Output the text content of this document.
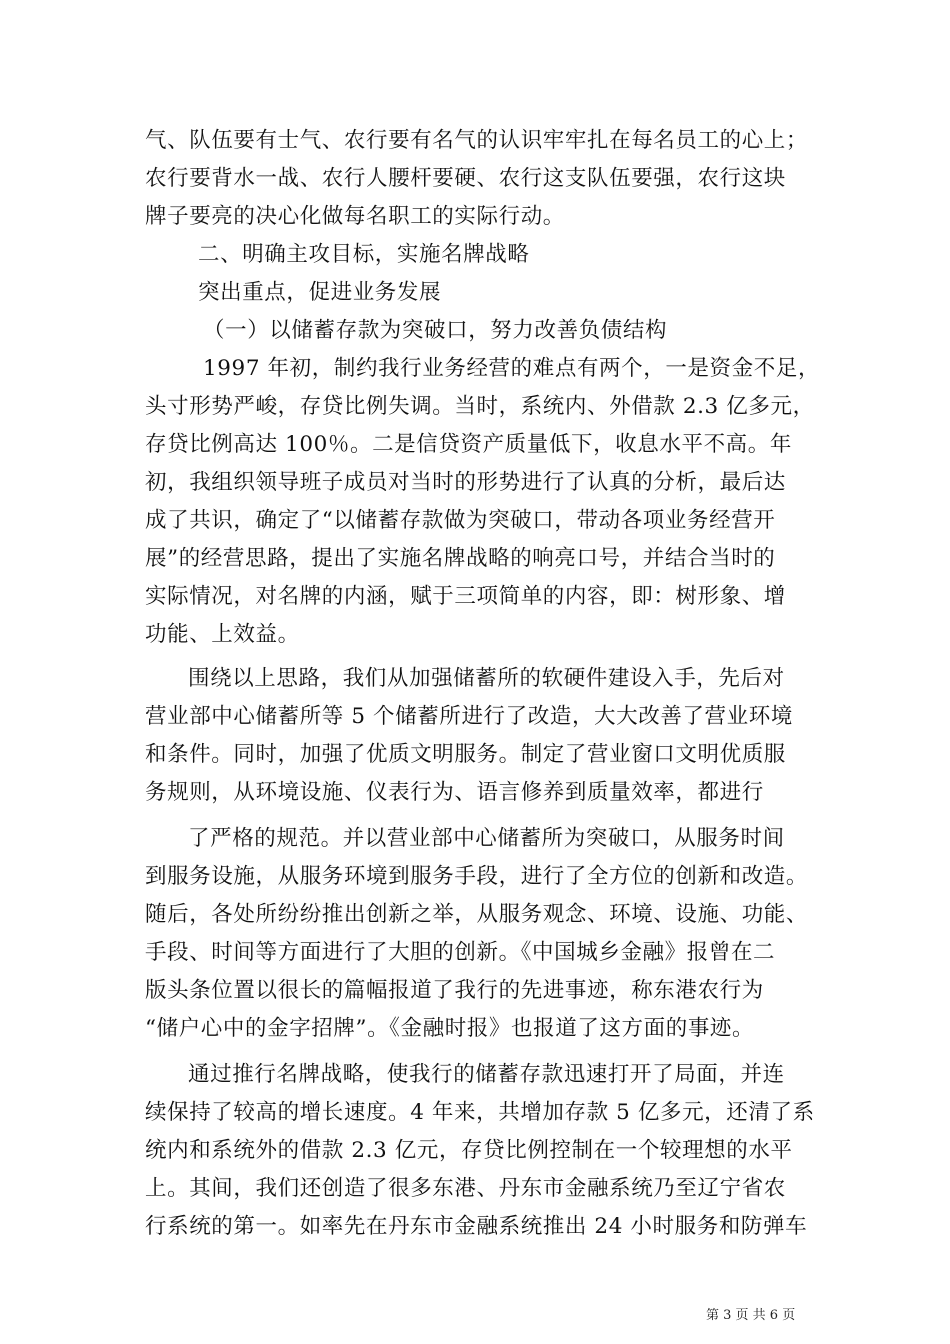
气、队伍要有士气、农行要有名气的认识牢牢扎在每名员工的心上；
农行要背水一战、农行人腰杆要硬、农行这支队伍要强，农行这块
牌子要亮的决心化做每名职工的实际行动。
二、明确主攻目标，实施名牌战略
突出重点，促进业务发展
（一）以储蓄存款为突破口，努力改善负债结构
1997 年初，制约我行业务经营的难点有两个，一是资金不足，
头寸形势严峻，存贷比例失调。当时，系统内、外借款 2.3 亿多元，
存贷比例高达 100％。二是信贷资产质量低下，收息水平不高。年
初，我组织领导班子成员对当时的形势进行了认真的分析，最后达
成了共识，确定了“以储蓄存款做为突破口，带动各项业务经营开
展”的经营思路，提出了实施名牌战略的响亮口号，并结合当时的
实际情况，对名牌的内涵，赋于三项简单的内容，即：树形象、增
功能、上效益。
围绕以上思路，我们从加强储蓄所的软硬件建设入手，先后对
营业部中心储蓄所等 5 个储蓄所进行了改造，大大改善了营业环境
和条件。同时，加强了优质文明服务。制定了营业窗口文明优质服
务规则，从环境设施、仪表行为、语言修养到质量效率，都进行
了严格的规范。并以营业部中心储蓄所为突破口，从服务时间
到服务设施，从服务环境到服务手段，进行了全方位的创新和改造。
随后，各处所纷纷推出创新之举，从服务观念、环境、设施、功能、
手段、时间等方面进行了大胆的创新。《中国城乡金融》报曾在二
版头条位置以很长的篇幅报道了我行的先进事迹，称东港农行为
“储户心中的金字招牌”。《金融时报》也报道了这方面的事迹。
通过推行名牌战略，使我行的储蓄存款迅速打开了局面，并连
续保持了较高的增长速度。4 年来，共增加存款 5 亿多元，还清了系
统内和系统外的借款 2.3 亿元，存贷比例控制在一个较理想的水平
上。其间，我们还创造了很多东港、丹东市金融系统乃至辽宁省农
行系统的第一。如率先在丹东市金融系统推出 24 小时服务和防弹车
第 3 页 共 6 页
